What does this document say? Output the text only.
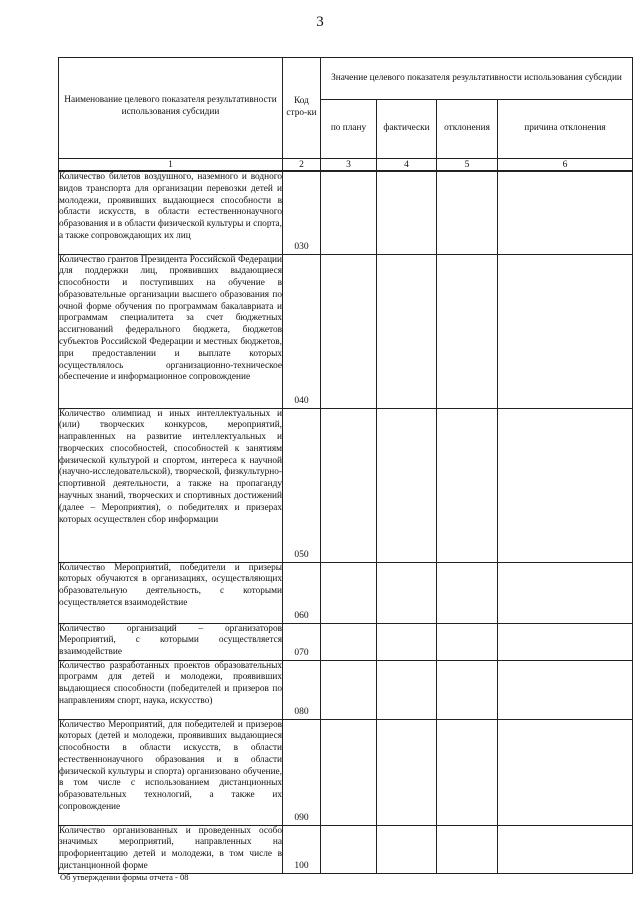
3
Наименование целевого показателя результативности использования субсидии	Код стро-ки	Значение целевого показателя результативности использования субсидии			

		по плану	фактически	отклонения	причина отклонения
1	2	3	4	5	6
Количество билетов воздушного, наземного и водного видов транспорта для организации перевозки детей и молодежи, проявивших выдающиеся способности в области искусств, в области естественнонаучного образования и в области физической культуры и спорта, а также сопровождающих их лиц	030				
Количество грантов Президента Российской Федерации для поддержки лиц, проявивших выдающиеся способности и поступивших на обучение в образовательные организации высшего образования по очной форме обучения по программам бакалавриата и программам специалитета за счет бюджетных ассигнований федерального бюджета, бюджетов субъектов Российской Федерации и местных бюджетов, при предоставлении и выплате которых осуществлялось организационно-техническое обеспечение и информационное сопровождение	040				
Количество олимпиад и иных интеллектуальных и (или) творческих конкурсов, мероприятий, направленных на развитие интеллектуальных и творческих способностей, способностей к занятиям физической культурой и спортом, интереса к научной (научно-исследовательской), творческой, физкультурно-спортивной деятельности, а также на пропаганду научных знаний, творческих и спортивных достижений (далее – Мероприятия), о победителях и призерах которых осуществлен сбор информации	050				
Количество Мероприятий, победители и призеры которых обучаются в организациях, осуществляющих образовательную деятельность, с которыми осуществляется взаимодействие	060				
Количество организаций – организаторов Мероприятий, с которыми осуществляется взаимодействие	070				
Количество разработанных проектов образовательных программ для детей и молодежи, проявивших выдающиеся способности (победителей и призеров по направлениям спорт, наука, искусство)	080				
Количество Мероприятий, для победителей и призеров которых (детей и молодежи, проявивших выдающиеся способности в области искусств, в области естественнонаучного образования и в области физической культуры и спорта) организовано обучение, в том числе с использованием дистанционных образовательных технологий, а также их сопровождение	090				
Количество организованных и проведенных особо значимых мероприятий, направленных на профориентацию детей и молодежи, в том числе в дистанционной форме	100				
Об утверждении формы отчета - 08
